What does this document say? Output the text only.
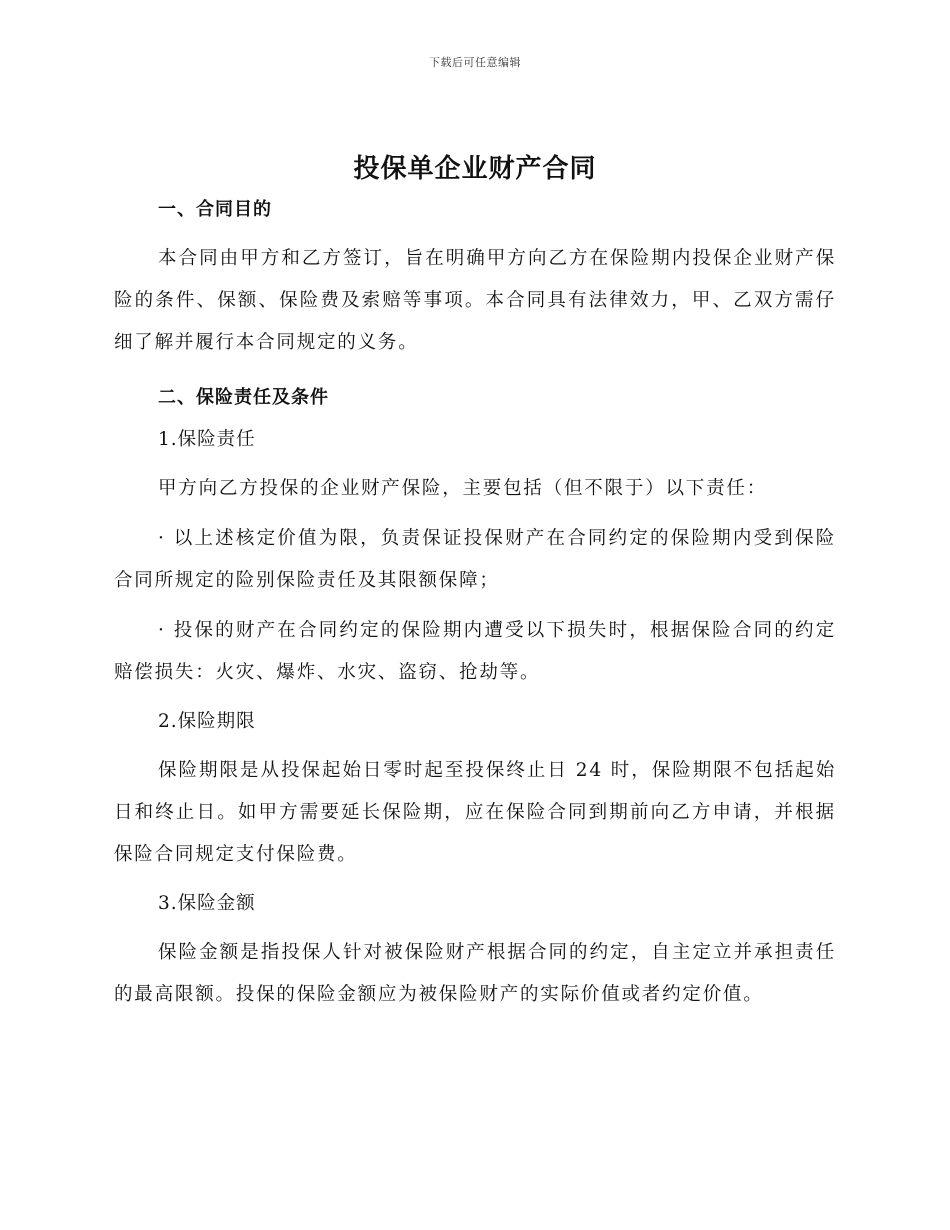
下载后可任意编辑
投保单企业财产合同
一、合同目的

本合同由甲方和乙方签订，旨在明确甲方向乙方在保险期内投保企业财产保险的条件、保额、保险费及索赔等事项。本合同具有法律效力，甲、乙双方需仔细了解并履行本合同规定的义务。

二、保险责任及条件
1.保险责任

甲方向乙方投保的企业财产保险，主要包括（但不限于）以下责任：

· 以上述核定价值为限，负责保证投保财产在合同约定的保险期内受到保险合同所规定的险别保险责任及其限额保障；

· 投保的财产在合同约定的保险期内遭受以下损失时，根据保险合同的约定赔偿损失：火灾、爆炸、水灾、盗窃、抢劫等。

2.保险期限

保险期限是从投保起始日零时起至投保终止日 24 时，保险期限不包括起始日和终止日。如甲方需要延长保险期，应在保险合同到期前向乙方申请，并根据保险合同规定支付保险费。

3.保险金额

保险金额是指投保人针对被保险财产根据合同的约定，自主定立并承担责任的最高限额。投保的保险金额应为被保险财产的实际价值或者约定价值。
